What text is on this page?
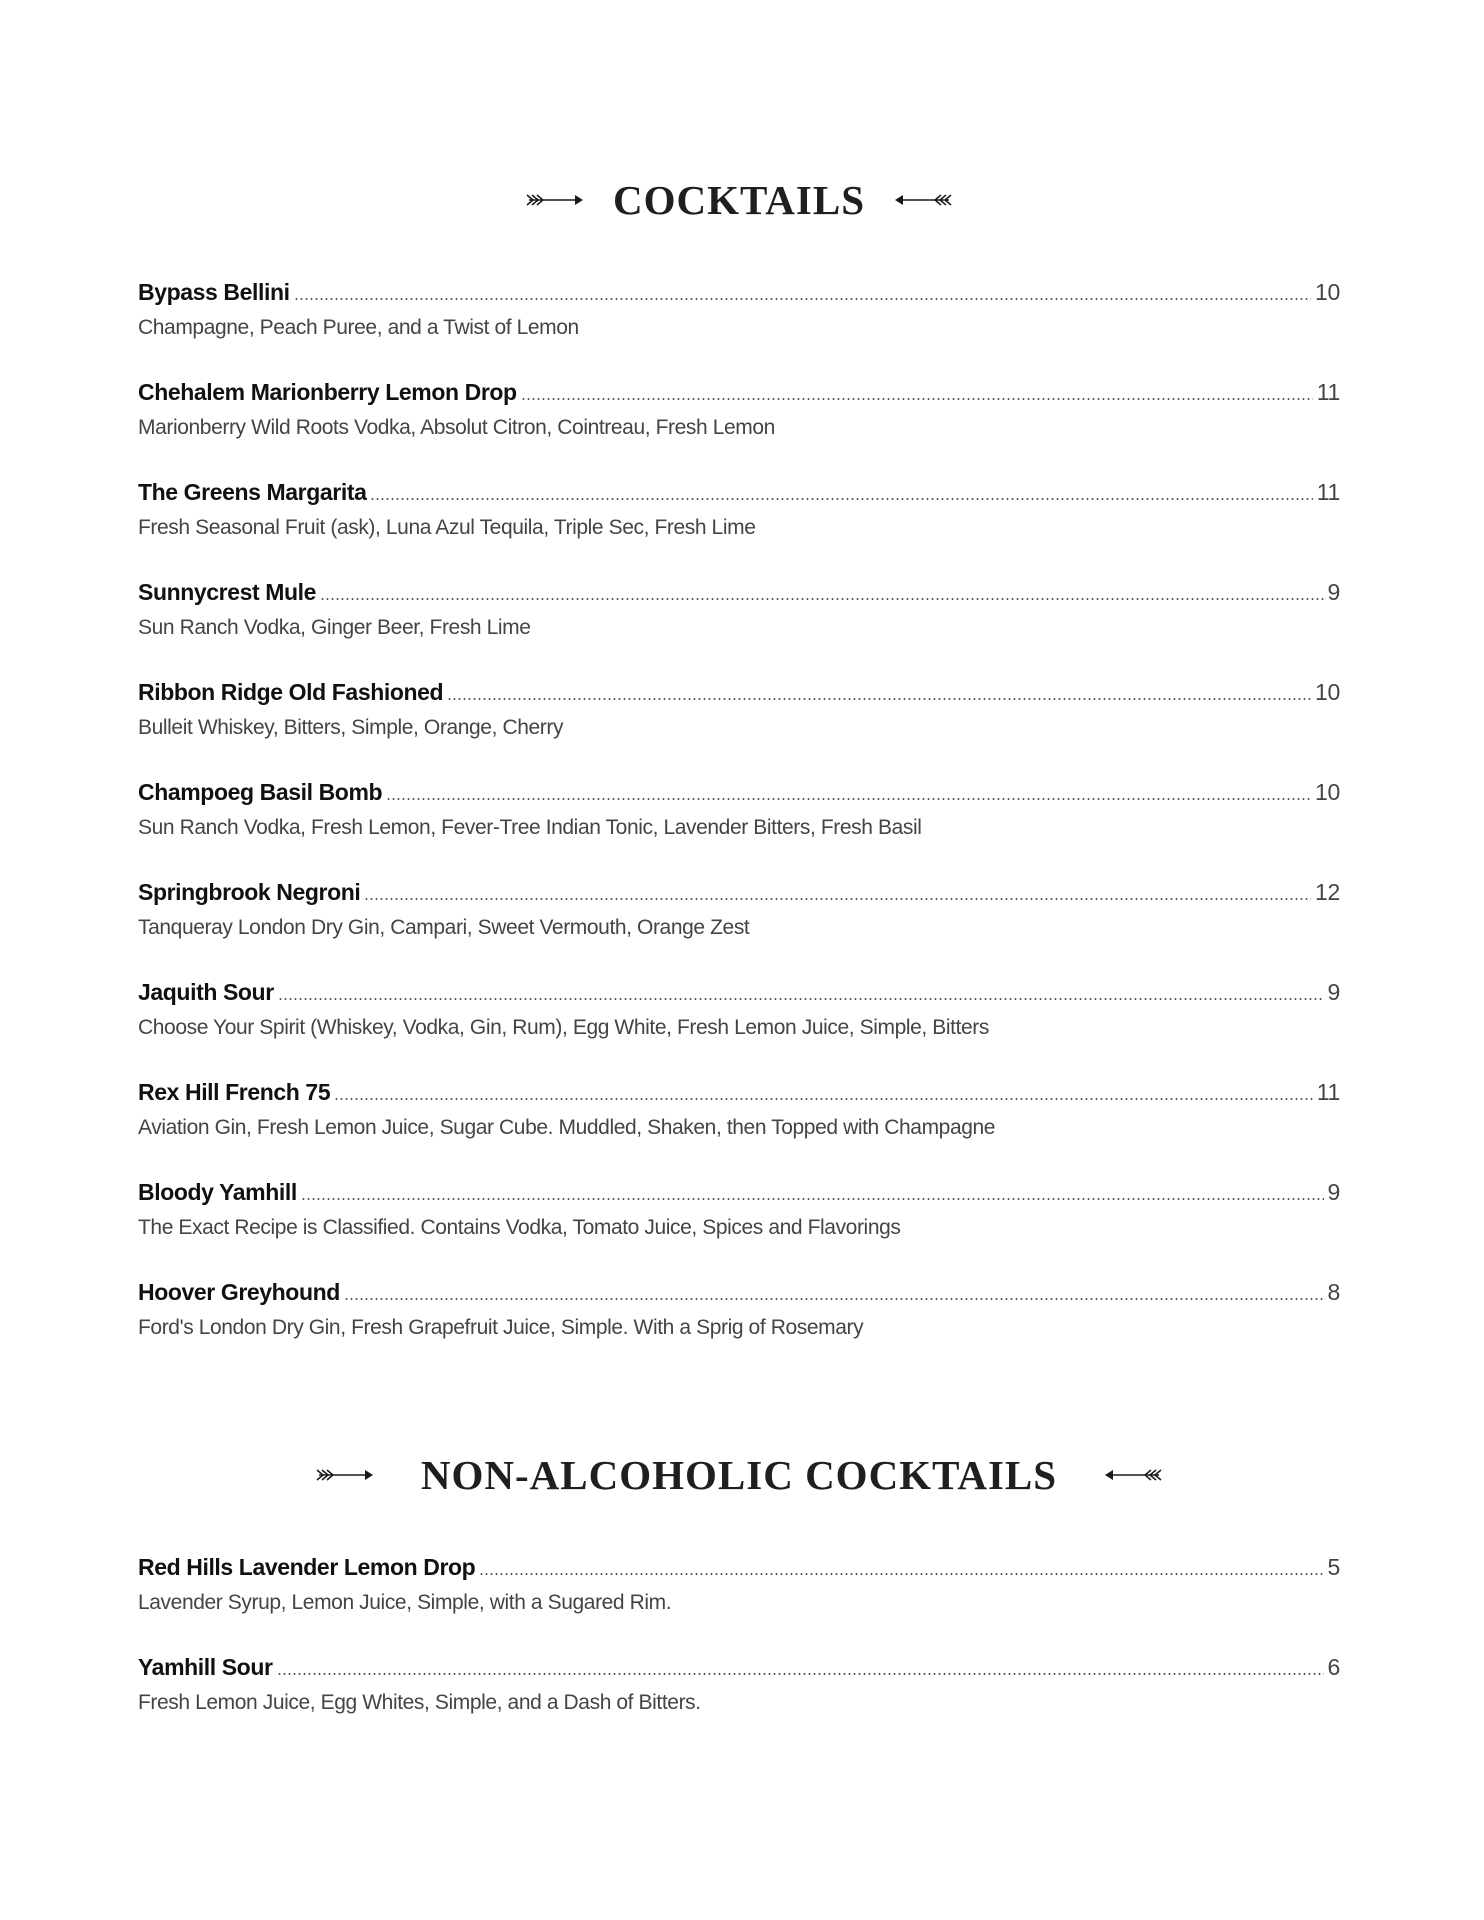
COCKTAILS
Bypass Bellini	10
Champagne, Peach Puree, and a Twist of Lemon
Chehalem Marionberry Lemon Drop	11
Marionberry Wild Roots Vodka, Absolut Citron, Cointreau, Fresh Lemon
The Greens Margarita	11
Fresh Seasonal Fruit (ask), Luna Azul Tequila, Triple Sec, Fresh Lime
Sunnycrest Mule	9
Sun Ranch Vodka, Ginger Beer, Fresh Lime
Ribbon Ridge Old Fashioned	10
Bulleit Whiskey, Bitters, Simple, Orange, Cherry
Champoeg Basil Bomb	10
Sun Ranch Vodka, Fresh Lemon, Fever-Tree Indian Tonic, Lavender Bitters, Fresh Basil
Springbrook Negroni	12
Tanqueray London Dry Gin, Campari, Sweet Vermouth, Orange Zest
Jaquith Sour	9
Choose Your Spirit (Whiskey, Vodka, Gin, Rum), Egg White, Fresh Lemon Juice, Simple, Bitters
Rex Hill French 75	11
Aviation Gin, Fresh Lemon Juice, Sugar Cube. Muddled, Shaken, then Topped with Champagne
Bloody Yamhill	9
The Exact Recipe is Classified. Contains Vodka, Tomato Juice, Spices and Flavorings
Hoover Greyhound	8
Ford's London Dry Gin, Fresh Grapefruit Juice, Simple. With a Sprig of Rosemary
NON-ALCOHOLIC COCKTAILS
Red Hills Lavender Lemon Drop	5
Lavender Syrup, Lemon Juice, Simple, with a Sugared Rim.
Yamhill Sour	6
Fresh Lemon Juice, Egg Whites, Simple, and a Dash of Bitters.
